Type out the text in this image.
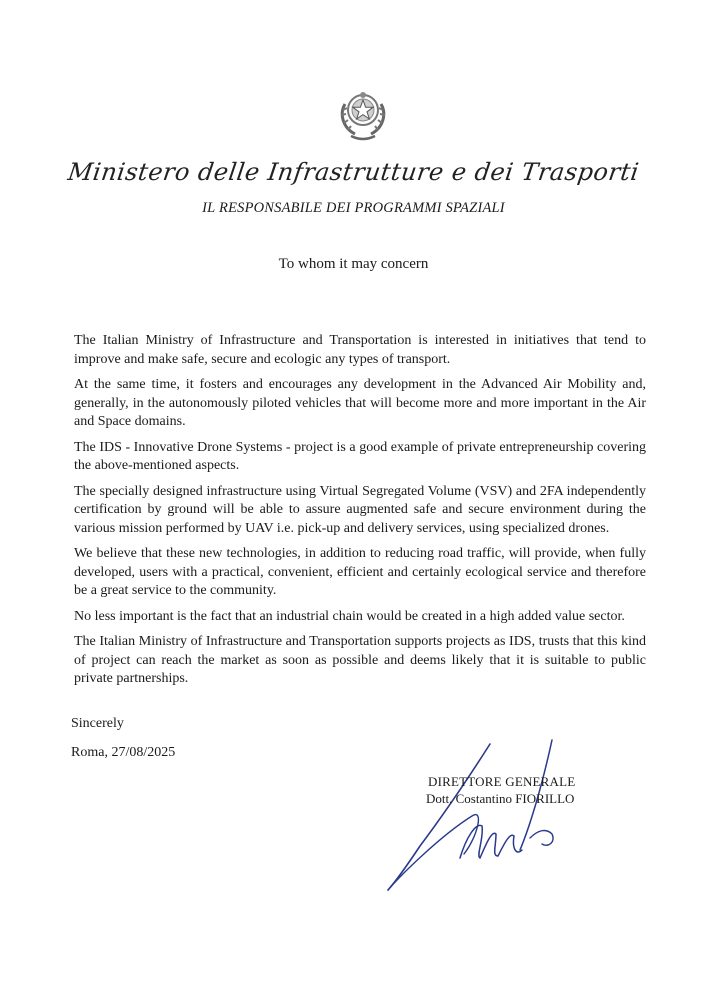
Ministero delle Infrastrutture e dei Trasporti
IL RESPONSABILE DEI PROGRAMMI SPAZIALI
To whom it may concern

The Italian Ministry of Infrastructure and Transportation is interested in initiatives that tend to improve and make safe, secure and ecologic any types of transport.

At the same time, it fosters and encourages any development in the Advanced Air Mobility and, generally, in the autonomously piloted vehicles that will become more and more important in the Air and Space domains.

The IDS - Innovative Drone Systems - project is a good example of private entrepreneurship covering the above-mentioned aspects.

The specially designed infrastructure using Virtual Segregated Volume (VSV) and 2FA independently certification by ground will be able to assure augmented safe and secure environment during the various mission performed by UAV i.e. pick-up and delivery services, using specialized drones.

We believe that these new technologies, in addition to reducing road traffic, will provide, when fully developed, users with a practical, convenient, efficient and certainly ecological service and therefore be a great service to the community.

No less important is the fact that an industrial chain would be created in a high added value sector.

The Italian Ministry of Infrastructure and Transportation supports projects as IDS, trusts that this kind of project can reach the market as soon as possible and deems likely that it is suitable to public private partnerships.

Sincerely
Roma, 27/08/2025
DIRETTORE GENERALE
Dott. Costantino FIORILLO
